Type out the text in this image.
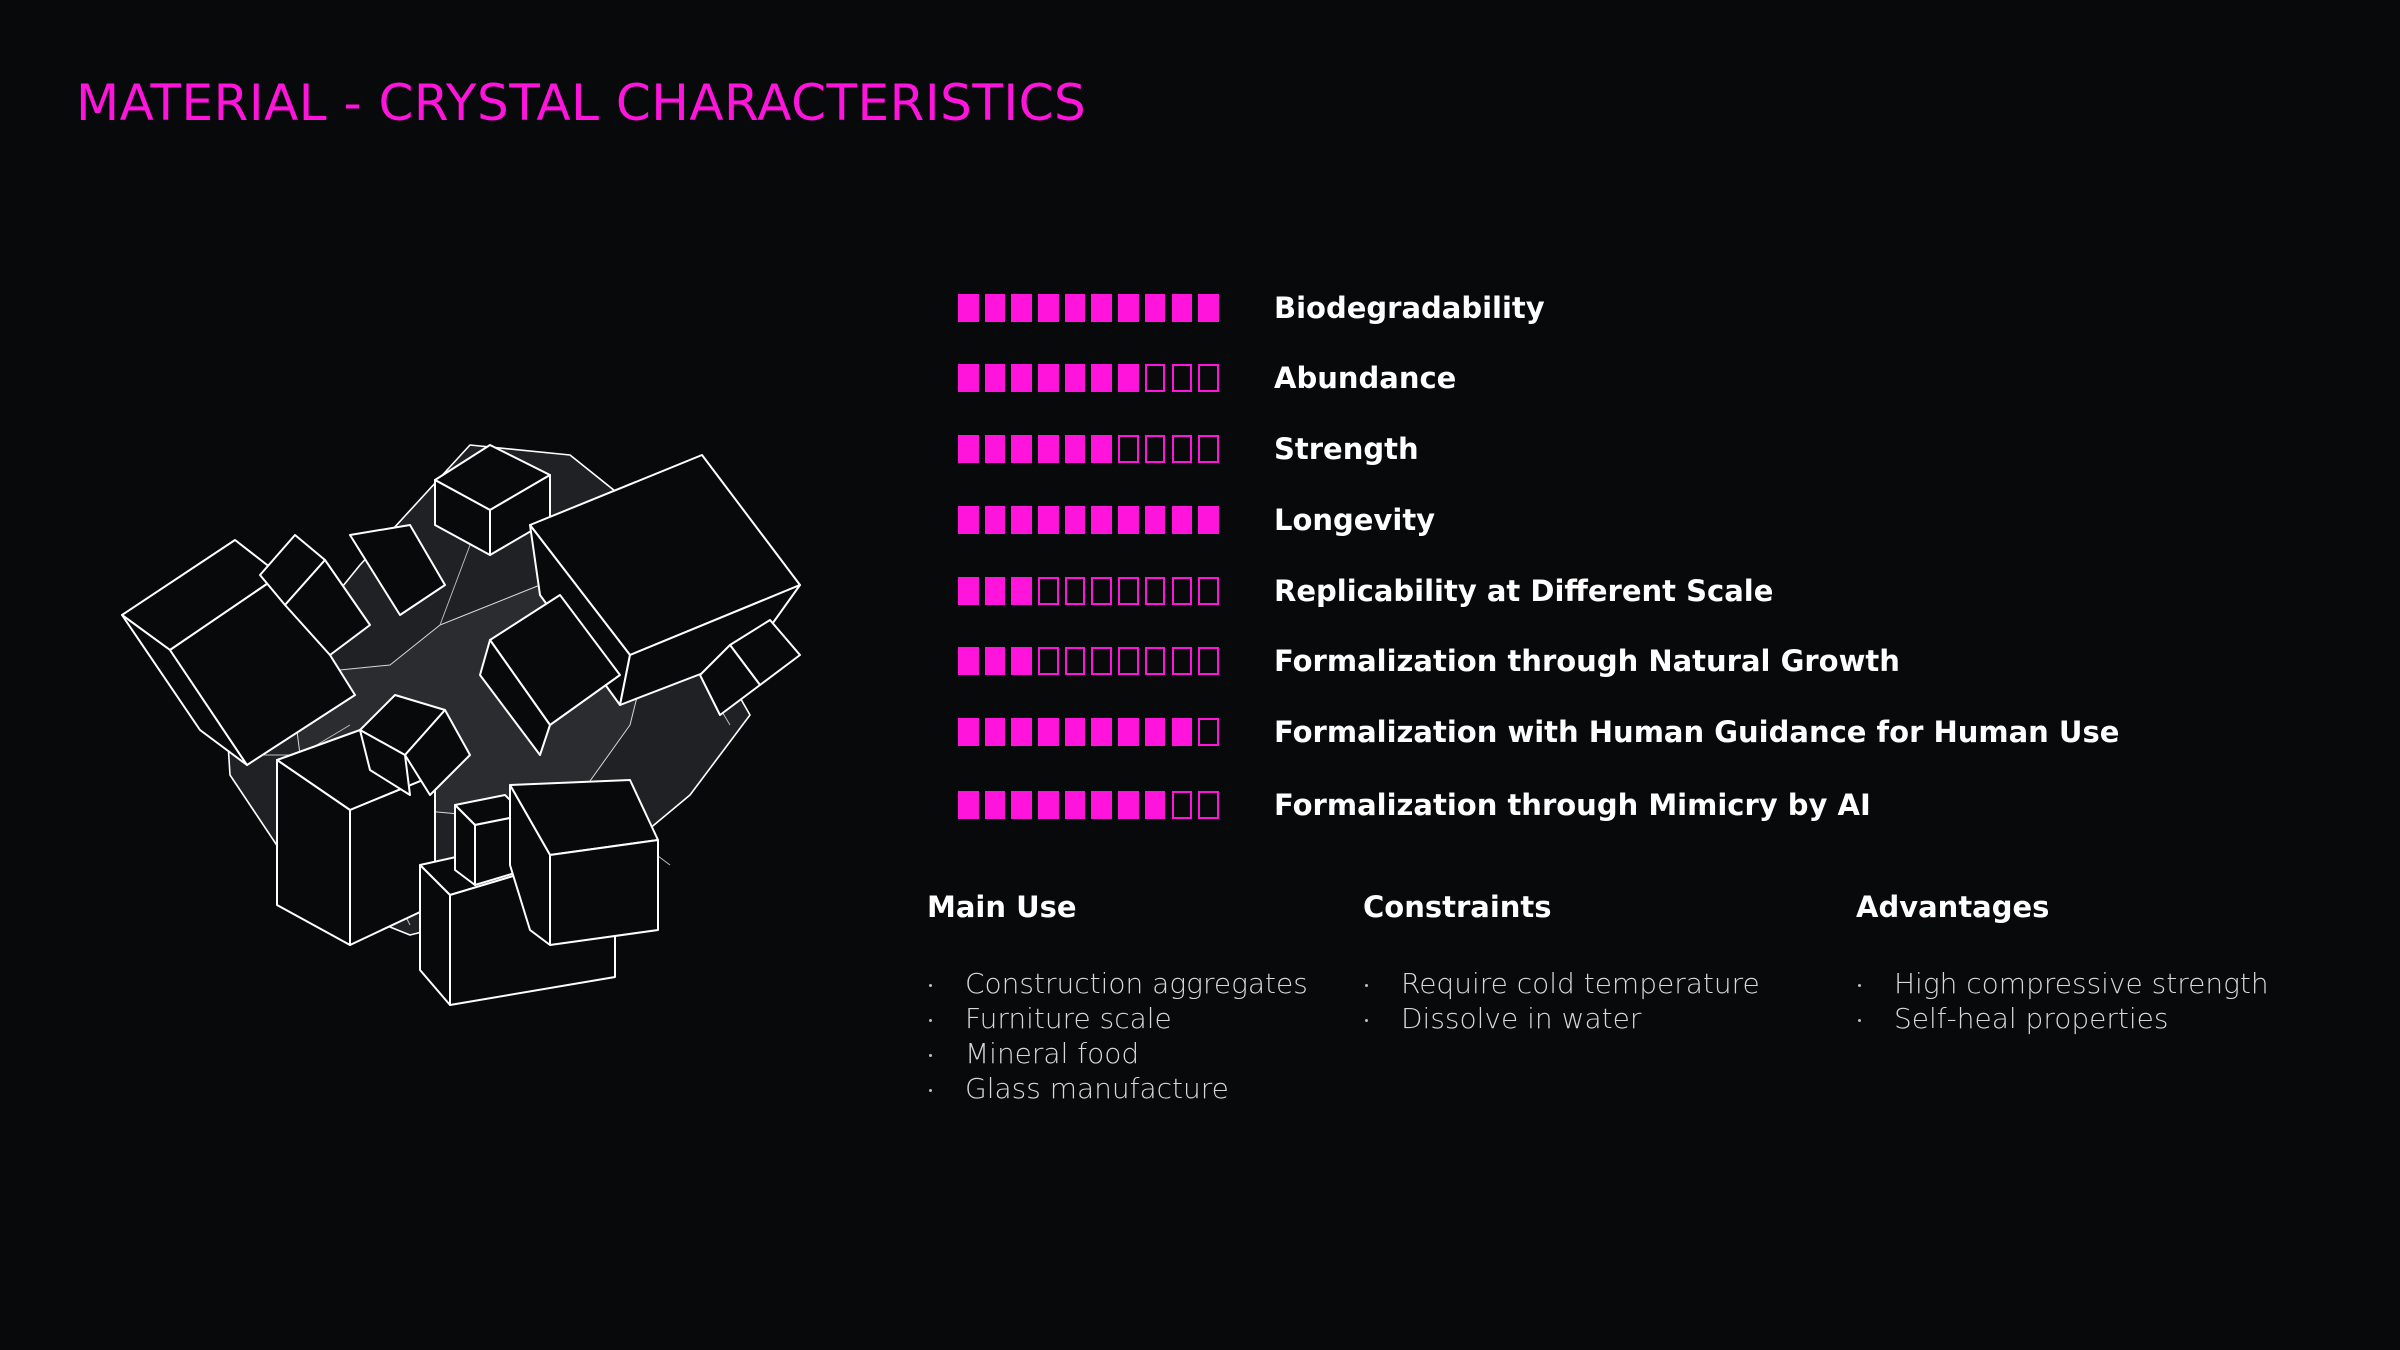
MATERIAL - CRYSTAL CHARACTERISTICS
Biodegradability
Abundance
Strength
Longevity
Replicability at Different Scale
Formalization through Natural Growth
Formalization with Human Guidance for Human Use
Formalization through Mimicry by AI
Main Use
Construction aggregates
Furniture scale
Mineral food
Glass manufacture
Constraints
Require cold temperature
Dissolve in water
Advantages
High compressive strength
Self-heal properties
